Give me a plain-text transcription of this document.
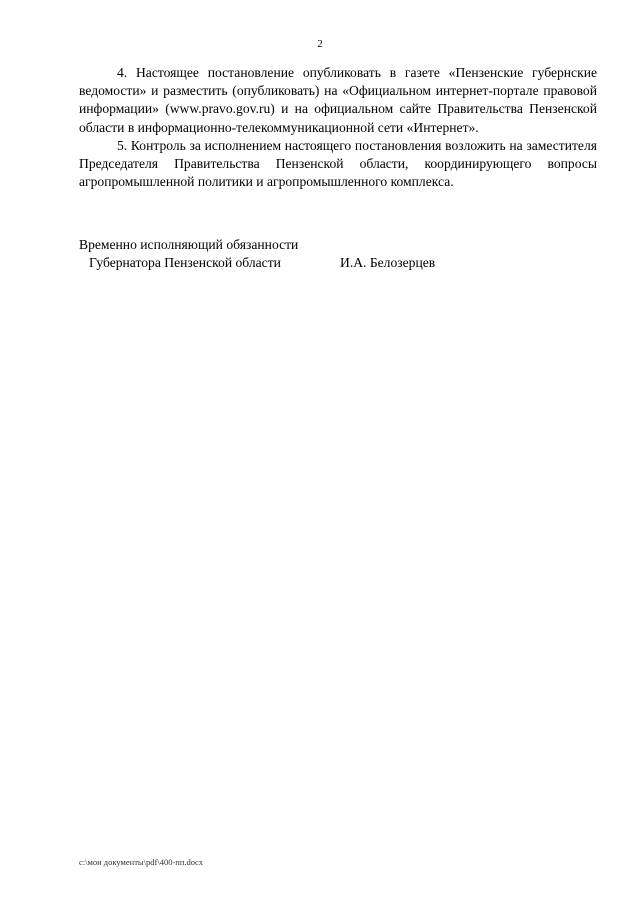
2

4. Настоящее постановление опубликовать в газете «Пензенские губернские ведомости» и разместить (опубликовать) на «Официальном интернет-портале правовой информации» (www.pravo.gov.ru) и на официальном сайте Правительства Пензенской области в информационно-телекоммуникационной сети «Интернет».

5. Контроль за исполнением настоящего постановления возложить на заместителя Председателя Правительства Пензенской области, координирующего вопросы агропромышленной политики и агропромышленного комплекса.

Временно исполняющий обязанности
Губернатора Пензенской области	И.А. Белозерцев
c:\мои документы\pdf\400-пп.docx
